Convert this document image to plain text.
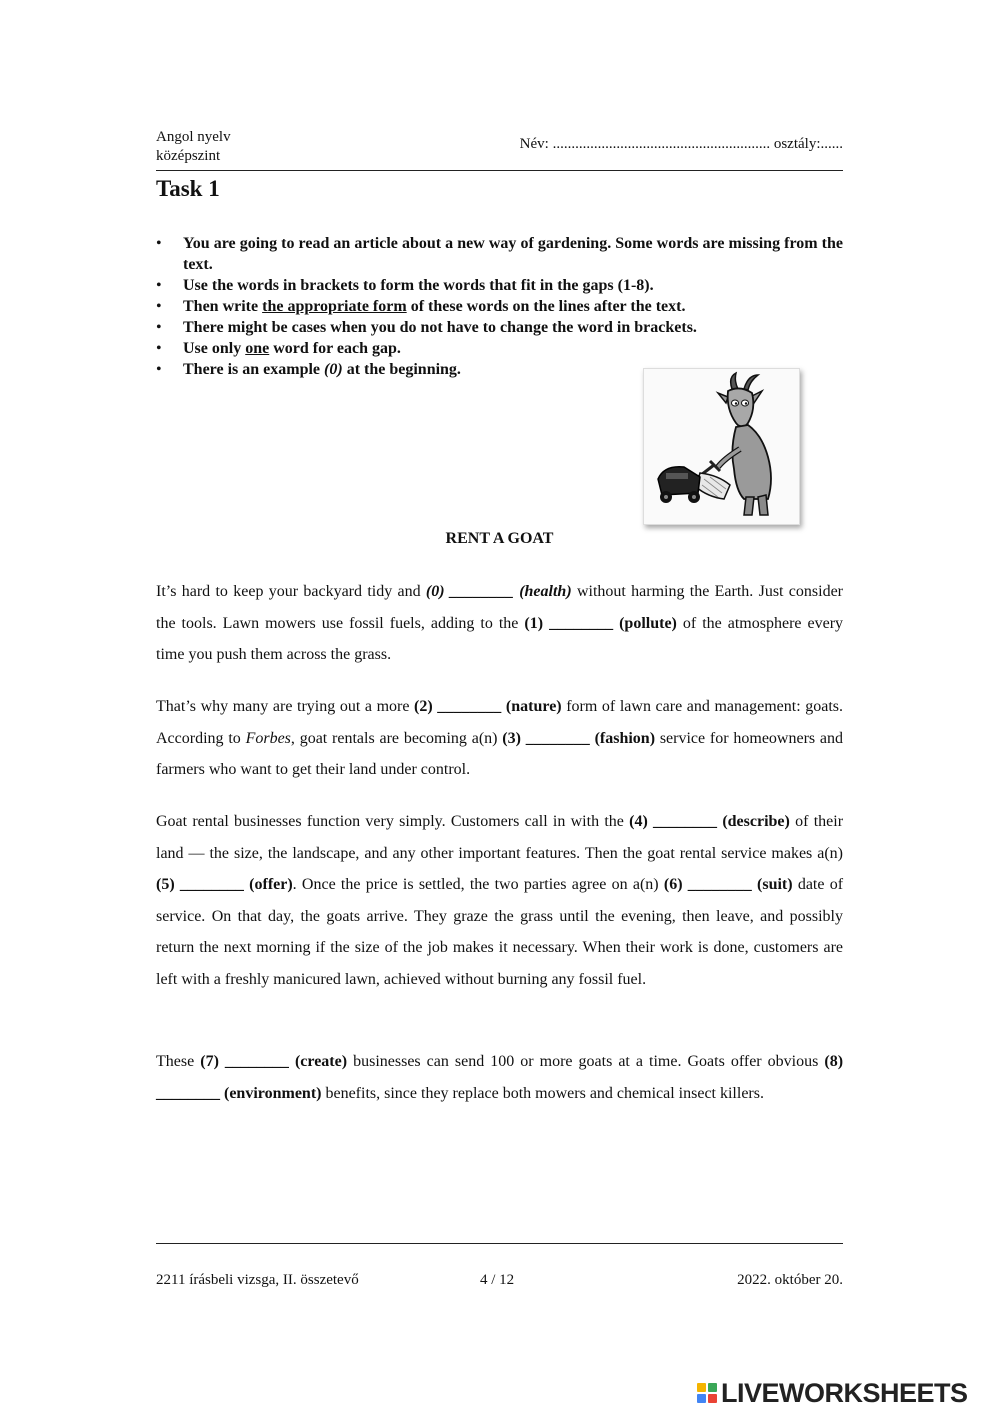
Angol nyelv
középszint
Név: .......................................................... osztály:......
Task 1
• You are going to read an article about a new way of gardening. Some words are missing from the text.
• Use the words in brackets to form the words that fit in the gaps (1-8).
• Then write the appropriate form of these words on the lines after the text.
• There might be cases when you do not have to change the word in brackets.
• Use only one word for each gap.
• There is an example (0) at the beginning.
RENT A GOAT

It’s hard to keep your backyard tidy and (0) ________ (health) without harming the Earth. Just consider the tools. Lawn mowers use fossil fuels, adding to the (1) ________ (pollute) of the atmosphere every time you push them across the grass.

That’s why many are trying out a more (2) ________ (nature) form of lawn care and management: goats. According to Forbes, goat rentals are becoming a(n) (3) ________ (fashion) service for homeowners and farmers who want to get their land under control.

Goat rental businesses function very simply. Customers call in with the (4) ________ (describe) of their land — the size, the landscape, and any other important features. Then the goat rental service makes a(n) (5) ________ (offer). Once the price is settled, the two parties agree on a(n) (6) ________ (suit) date of service. On that day, the goats arrive. They graze the grass until the evening, then leave, and possibly return the next morning if the size of the job makes it necessary. When their work is done, customers are left with a freshly manicured lawn, achieved without burning any fossil fuel.

These (7) ________ (create) businesses can send 100 or more goats at a time. Goats offer obvious (8) ________ (environment) benefits, since they replace both mowers and chemical insect killers.

2211 írásbeli vizsga, II. összetevő	4 / 12	2022. október 20.
LIVEWORKSHEETS
